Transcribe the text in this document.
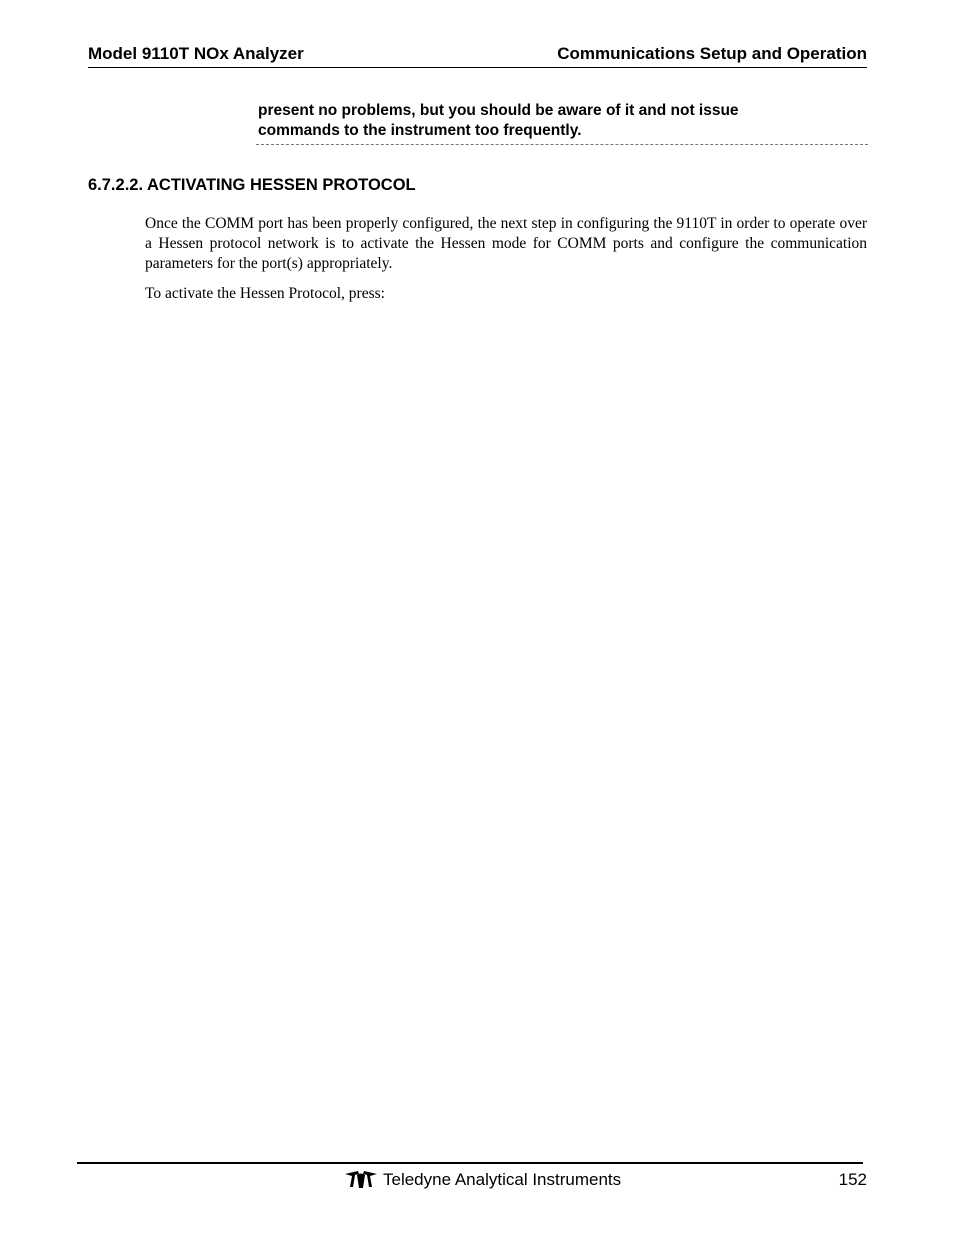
Model 9110T NOx Analyzer	Communications Setup and Operation

present no problems, but you should be aware of it and not issue

commands to the instrument too frequently.

6.7.2.2. ACTIVATING HESSEN PROTOCOL

Once the COMM port has been properly configured, the next step in configuring the 9110T in order to operate over a Hessen protocol network is to activate the Hessen mode for COMM ports and configure the communication parameters for the port(s) appropriately.

To activate the Hessen Protocol, press:

Teledyne Analytical Instruments	152
